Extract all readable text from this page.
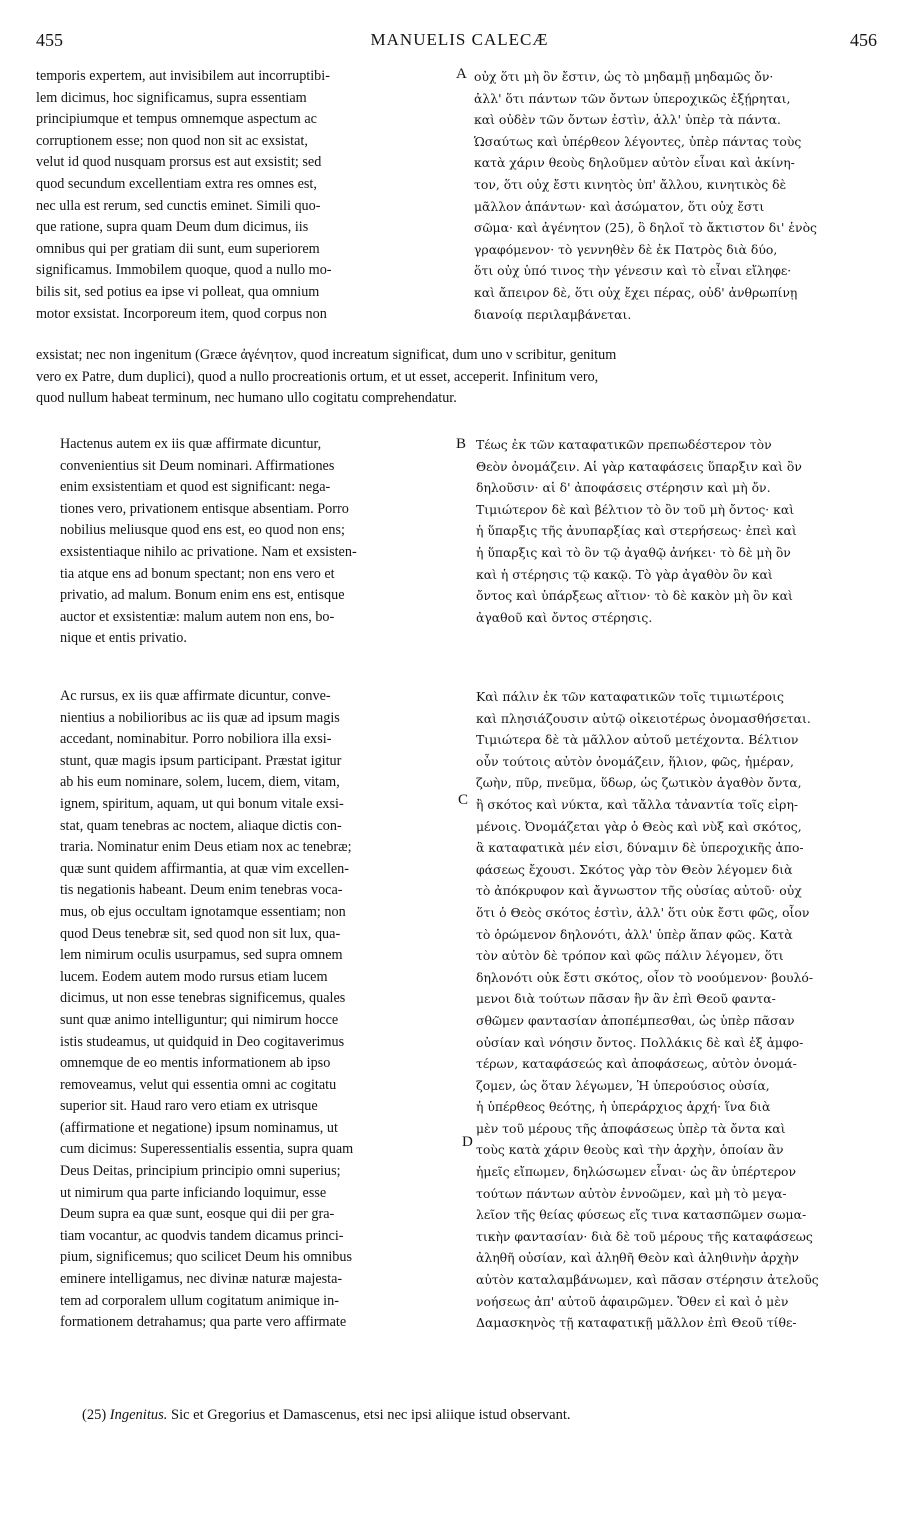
455	MANUELIS CALECÆ	456
temporis expertem, aut invisibilem aut incorruptibi-
lem dicimus, hoc significamus, supra essentiam
principiumque et tempus omnemque aspectum ac
corruptionem esse; non quod non sit ac exsistat,
velut id quod nusquam prorsus est aut exsistit; sed
quod secundum excellentiam extra res omnes est,
nec ulla est rerum, sed cunctis eminet. Simili quo-
que ratione, supra quam Deum dum dicimus, iis
omnibus qui per gratiam dii sunt, eum superiorem
significamus. Immobilem quoque, quod a nullo mo-
bilis sit, sed potius ea ipse vi polleat, qua omnium
motor exsistat. Incorporeum item, quod corpus non
A οὐχ ὅτι μὴ ὂν ἔστιν, ὡς τὸ μηδαμῇ μηδαμῶς ὄν·
ἀλλ' ὅτι πάντων τῶν ὄντων ὑπεροχικῶς ἐξῄρηται,
καὶ οὐδὲν τῶν ὄντων ἐστὶν, ἀλλ' ὑπὲρ τὰ πάντα.
Ὡσαύτως καὶ ὑπέρθεον λέγοντες, ὑπὲρ πάντας τοὺς
κατὰ χάριν θεοὺς δηλοῦμεν αὐτὸν εἶναι καὶ ἀκίνη-
τον, ὅτι οὐχ ἔστι κινητὸς ὑπ' ἄλλου, κινητικὸς δὲ
μᾶλλον ἁπάντων· καὶ ἀσώματον, ὅτι οὐχ ἔστι
σῶμα· καὶ ἀγένητον (25), ὃ δηλοῖ τὸ ἄκτιστον δι' ἑνὸς
γραφόμενον· τὸ γεννηθὲν δὲ ἐκ Πατρὸς διὰ δύο,
ὅτι οὐχ ὑπό τινος τὴν γένεσιν καὶ τὸ εἶναι εἴληφε·
καὶ ἄπειρον δὲ, ὅτι οὐχ ἔχει πέρας, οὐδ' ἀνθρωπίνῃ
διανοίᾳ περιλαμβάνεται.
exsistat; nec non ingenitum (Græce ἀγένητον, quod increatum significat, dum uno ν scribitur, genitum
vero ex Patre, dum duplici), quod a nullo procreationis ortum, et ut esset, acceperit. Infinitum vero,
quod nullum habeat terminum, nec humano ullo cogitatu comprehendatur.
Hactenus autem ex iis quæ affirmate dicuntur,
convenientius sit Deum nominari. Affirmationes
enim exsistentiam et quod est significant: nega-
tiones vero, privationem entisque absentiam. Porro
nobilius meliusque quod ens est, eo quod non ens;
exsistentiaque nihilo ac privatione. Nam et exsisten-
tia atque ens ad bonum spectant; non ens vero et
privatio, ad malum. Bonum enim ens est, entisque
auctor et exsistentiæ: malum autem non ens, bo-
nique et entis privatio.
B Τέως ἐκ τῶν καταφατικῶν πρεπωδέστερον τὸν
Θεὸν ὀνομάζειν. Αἱ γὰρ καταφάσεις ὕπαρξιν καὶ ὂν
δηλοῦσιν· αἱ δ' ἀποφάσεις στέρησιν καὶ μὴ ὄν.
Τιμιώτερον δὲ καὶ βέλτιον τὸ ὂν τοῦ μὴ ὄντος· καὶ
ἡ ὕπαρξις τῆς ἀνυπαρξίας καὶ στερήσεως· ἐπεὶ καὶ
ἡ ὕπαρξις καὶ τὸ ὂν τῷ ἀγαθῷ ἀνήκει· τὸ δὲ μὴ ὂν
καὶ ἡ στέρησις τῷ κακῷ. Τὸ γὰρ ἀγαθὸν ὂν καὶ
ὄντος καὶ ὑπάρξεως αἴτιον· τὸ δὲ κακὸν μὴ ὂν καὶ
ἀγαθοῦ καὶ ὄντος στέρησις.
Ac rursus, ex iis quæ affirmate dicuntur, conve-
nientius a nobilioribus ac iis quæ ad ipsum magis
accedant, nominabitur. Porro nobiliora illa exsi-
stunt, quæ magis ipsum participant. Præstat igitur
ab his eum nominare, solem, lucem, diem, vitam,
ignem, spiritum, aquam, ut qui bonum vitale exsi-
stat, quam tenebras ac noctem, aliaque dictis con-
traria. Nominatur enim Deus etiam nox ac tenebræ;
quæ sunt quidem affirmantia, at quæ vim excellen-
tis negationis habeant. Deum enim tenebras voca-
mus, ob ejus occultam ignotamque essentiam; non
quod Deus tenebræ sit, sed quod non sit lux, qua-
lem nimirum oculis usurpamus, sed supra omnem
lucem. Eodem autem modo rursus etiam lucem
dicimus, ut non esse tenebras significemus, quales
sunt quæ animo intelliguntur; qui nimirum hocce
istis studeamus, ut quidquid in Deo cogitaverimus
omnemque de eo mentis informationem ab ipso
removeamus, velut qui essentia omni ac cogitatu
superior sit. Haud raro vero etiam ex utrisque
(affirmatione et negatione) ipsum nominamus, ut
cum dicimus: Superessentialis essentia, supra quam
Deus Deitas, principium principio omni superius;
ut nimirum qua parte inficiando loquimur, esse
Deum supra ea quæ sunt, eosque qui dii per gra-
tiam vocantur, ac quodvis tandem dicamus princi-
pium, significemus; quo scilicet Deum his omnibus
eminere intelligamus, nec divinæ naturæ majesta-
tem ad corporalem ullum cogitatum animique in-
formationem detrahamus; qua parte vero affirmate
C
D
Καὶ πάλιν ἐκ τῶν καταφατικῶν τοῖς τιμιωτέροις
καὶ πλησιάζουσιν αὐτῷ οἰκειοτέρως ὀνομασθήσεται.
Τιμιώτερα δὲ τὰ μᾶλλον αὐτοῦ μετέχοντα. Βέλτιον
οὖν τούτοις αὐτὸν ὀνομάζειν, ἥλιον, φῶς, ἡμέραν,
ζωὴν, πῦρ, πνεῦμα, ὕδωρ, ὡς ζωτικὸν ἀγαθὸν ὄντα,
ἢ σκότος καὶ νύκτα, καὶ τἄλλα τἀναντία τοῖς εἰρη-
μένοις. Ὀνομάζεται γὰρ ὁ Θεὸς καὶ νὺξ καὶ σκότος,
ἃ καταφατικὰ μέν εἰσι, δύναμιν δὲ ὑπεροχικῆς ἀπο-
φάσεως ἔχουσι. Σκότος γὰρ τὸν Θεὸν λέγομεν διὰ
τὸ ἀπόκρυφον καὶ ἄγνωστον τῆς οὐσίας αὐτοῦ· οὐχ
ὅτι ὁ Θεὸς σκότος ἐστὶν, ἀλλ' ὅτι οὐκ ἔστι φῶς, οἷον
τὸ ὁρώμενον δηλονότι, ἀλλ' ὑπὲρ ἅπαν φῶς. Κατὰ
τὸν αὐτὸν δὲ τρόπον καὶ φῶς πάλιν λέγομεν, ὅτι
δηλονότι οὐκ ἔστι σκότος, οἷον τὸ νοούμενον· βουλό-
μενοι διὰ τούτων πᾶσαν ἣν ἂν ἐπὶ Θεοῦ φαντα-
σθῶμεν φαντασίαν ἀποπέμπεσθαι, ὡς ὑπὲρ πᾶσαν
οὐσίαν καὶ νόησιν ὄντος. Πολλάκις δὲ καὶ ἐξ ἀμφο-
τέρων, καταφάσεώς καὶ ἀποφάσεως, αὐτὸν ὀνομά-
ζομεν, ὡς ὅταν λέγωμεν, Ἡ ὑπερούσιος οὐσία,
ἡ ὑπέρθεος θεότης, ἡ ὑπεράρχιος ἀρχή· ἵνα διὰ
μὲν τοῦ μέρους τῆς ἀποφάσεως ὑπὲρ τὰ ὄντα καὶ
τοὺς κατὰ χάριν θεοὺς καὶ τὴν ἀρχὴν, ὁποίαν ἂν
ἡμεῖς εἴπωμεν, δηλώσωμεν εἶναι· ὡς ἂν ὑπέρτερον
τούτων πάντων αὐτὸν ἐννοῶμεν, καὶ μὴ τὸ μεγα-
λεῖον τῆς θείας φύσεως εἴς τινα κατασπῶμεν σωμα-
τικὴν φαντασίαν· διὰ δὲ τοῦ μέρους τῆς καταφάσεως
ἀληθῆ οὐσίαν, καὶ ἀληθῆ Θεὸν καὶ ἀληθινὴν ἀρχὴν
αὐτὸν καταλαμβάνωμεν, καὶ πᾶσαν στέρησιν ἀτελοῦς
νοήσεως ἀπ' αὐτοῦ ἀφαιρῶμεν. Ὅθεν εἰ καὶ ὁ μὲν
Δαμασκηνὸς τῇ καταφατικῇ μᾶλλον ἐπὶ Θεοῦ τίθε-
(25) Ingenitus. Sic et Gregorius et Damascenus, etsi nec ipsi aliique istud observant.
